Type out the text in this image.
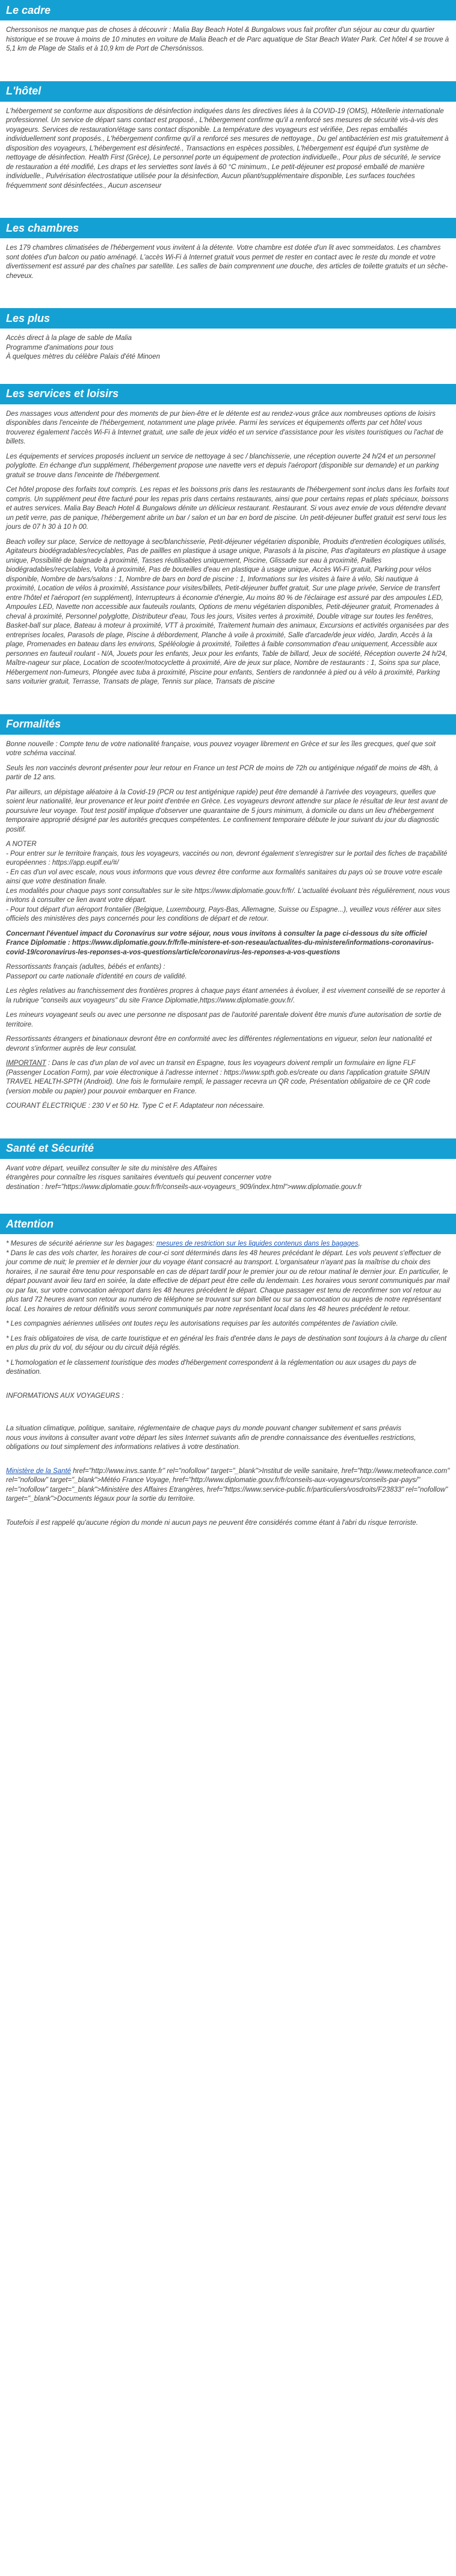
Le cadre

Cherssonisos ne manque pas de choses à découvrir : Malia Bay Beach Hotel & Bungalows vous fait profiter d'un séjour au cœur du quartier historique et se trouve à moins de 10 minutes en voiture de Malia Beach et de Parc aquatique de Star Beach Water Park. Cet hôtel 4 se trouve à 5,1 km de Plage de Stalis et à 10,9 km de Port de Chersónissos.

L'hôtel

L'hébergement se conforme aux dispositions de désinfection indiquées dans les directives liées à la COVID-19 (OMS), Hôtellerie internationale professionnel. Un service de départ sans contact est proposé., L'hébergement confirme qu'il a renforcé ses mesures de sécurité vis-à-vis des voyageurs. Services de restauration/étage sans contact disponible. La température des voyageurs est vérifiée, Des repas emballés individuellement sont proposés., L'hébergement confirme qu'il a renforcé ses mesures de nettoyage., Du gel antibactérien est mis gratuitement à disposition des voyageurs, L'hébergement est désinfecté., Transactions en espèces possibles, L'hébergement est équipé d'un système de nettoyage de désinfection. Health First (Grèce), Le personnel porte un équipement de protection individuelle., Pour plus de sécurité, le service de restauration a été modifié, Les draps et les serviettes sont lavés à 60 °C minimum., Le petit-déjeuner est proposé emballé de manière individuelle., Pulvérisation électrostatique utilisée pour la désinfection, Aucun pliant/supplémentaire disponible, Les surfaces touchées fréquemment sont désinfectées., Aucun ascenseur

Les chambres

Les 179 chambres climatisées de l'hébergement vous invitent à la détente. Votre chambre est dotée d'un lit avec sommeidatos. Les chambres sont dotées d'un balcon ou patio aménagé. L'accès Wi-Fi à Internet gratuit vous permet de rester en contact avec le reste du monde et votre divertissement est assuré par des chaînes par satellite. Les salles de bain comprennent une douche, des articles de toilette gratuits et un sèche-cheveux.

Les plus
Accès direct à la plage de sable de Malia
Programme d'animations pour tous
À quelques mètres du célèbre Palais d'été Minoen
Les services et loisirs

Des massages vous attendent pour des moments de pur bien-être et le détente est au rendez-vous grâce aux nombreuses options de loisirs disponibles dans l'enceinte de l'hébergement, notamment une plage privée. Parmi les services et équipements offerts par cet hôtel vous trouverez également l'accès Wi-Fi à Internet gratuit, une salle de jeux vidéo et un service d'assistance pour les visites touristiques ou l'achat de billets.

Les équipements et services proposés incluent un service de nettoyage à sec / blanchisserie, une réception ouverte 24 h/24 et un personnel polyglotte. En échange d'un supplément, l'hébergement propose une navette vers et depuis l'aéroport (disponible sur demande) et un parking gratuit se trouve dans l'enceinte de l'hébergement.

Cet hôtel propose des forfaits tout compris. Les repas et les boissons pris dans les restaurants de l'hébergement sont inclus dans les forfaits tout compris. Un supplément peut être facturé pour les repas pris dans certains restaurants, ainsi que pour certains repas et plats spéciaux, boissons et autres services. Malia Bay Beach Hotel & Bungalows dénite un délicieux restaurant. Restaurant. Si vous avez envie de vous détendre devant un petit verre, pas de panique, l'hébergement abrite un bar / salon et un bar en bord de piscine. Un petit-déjeuner buffet gratuit est servi tous les jours de 07 h 30 à 10 h 00.

Beach volley sur place, Service de nettoyage à sec/blanchisserie, Petit-déjeuner végétarien disponible, Produits d'entretien écologiques utilisés, Agitateurs biodégradables/recyclables, Pas de paillles en plastique à usage unique, Parasols à la piscine, Pas d'agitateurs en plastique à usage unique, Possibilité de baignade à proximité, Tasses réutilisables uniquement, Piscine, Glissade sur eau à proximité, Pailles biodégradables/recyclables, Volta à proximité, Pas de bouteilles d'eau en plastique à usage unique, Accès Wi-Fi gratuit, Parking pour vélos disponible, Nombre de bars/salons : 1, Nombre de bars en bord de piscine : 1, Informations sur les visites à faire à vélo, Ski nautique à proximité, Location de vélos à proximité, Assistance pour visites/billets, Petit-déjeuner buffet gratuit, Sur une plage privée, Service de transfert entre l'hôtel et l'aéroport (en supplément), Interrupteurs à économie d'énergie, Au moins 80 % de l'éclairage est assuré par des ampoules LED, Ampoules LED, Navette non accessible aux fauteuils roulants, Options de menu végétarien disponibles, Petit-déjeuner gratuit, Promenades à cheval à proximité, Personnel polyglotte, Distributeur d'eau, Tous les jours, Visites vertes à proximité, Double vitrage sur toutes les fenêtres, Basket-ball sur place, Bateau à moteur à proximité, VTT à proximité, Traitement humain des animaux, Excursions et activités organisées par des entreprises locales, Parasols de plage, Piscine à débordement, Planche à voile à proximité, Salle d'arcade/de jeux vidéo, Jardin, Accès à la plage, Promenades en bateau dans les environs, Spéléologie à proximité, Toilettes à faible consommation d'eau uniquement, Accessible aux personnes en fauteuil roulant - N/A, Jouets pour les enfants, Jeux pour les enfants, Table de billard, Jeux de société, Réception ouverte 24 h/24, Maître-nageur sur place, Location de scooter/motocyclette à proximité, Aire de jeux sur place, Nombre de restaurants : 1, Soins spa sur place, Hébergement non-fumeurs, Plongée avec tuba à proximité, Piscine pour enfants, Sentiers de randonnée à pied ou à vélo à proximité, Parking sans voiturier gratuit, Terrasse, Transats de plage, Tennis sur place, Transats de piscine

Formalités

Bonne nouvelle : Compte tenu de votre nationalité française, vous pouvez voyager librement en Grèce et sur les îles grecques, quel que soit votre schéma vaccinal.

Seuls les non vaccinés devront présenter pour leur retour en France un test PCR de moins de 72h ou antigénique négatif de moins de 48h, à partir de 12 ans.

Par ailleurs, un dépistage aléatoire à la Covid-19 (PCR ou test antigénique rapide) peut être demandé à l'arrivée des voyageurs, quelles que soient leur nationalité, leur provenance et leur point d'entrée en Grèce. Les voyageurs devront attendre sur place le résultat de leur test avant de poursuivre leur voyage. Tout test positif implique d'observer une quarantaine de 5 jours minimum, à domicile ou dans un lieu d'hébergement temporaire approprié désigné par les autorités grecques compétentes. Le confinement temporaire débute le jour suivant du jour du diagnostic positif.

A NOTER
- Pour entrer sur le territoire français, tous les voyageurs, vaccinés ou non, devront également s'enregistrer sur le portail des fiches de traçabilité européennes : https://app.euplf.eu/#/
- En cas d'un vol avec escale, nous vous informons que vous devrez être conforme aux formalités sanitaires du pays où se trouve votre escale ainsi que votre destination finale.
Les modalités pour chaque pays sont consultables sur le site https://www.diplomatie.gouv.fr/fr/. L'actualité évoluant très régulièrement, nous vous invitons à consulter ce lien avant votre départ.

- Pour tout départ d'un aéroport frontalier (Belgique, Luxembourg, Pays-Bas, Allemagne, Suisse ou Espagne...), veuillez vous référer aux sites officiels des ministères des pays concernés pour les conditions de départ et de retour.

Concernant l'éventuel impact du Coronavirus sur votre séjour, nous vous invitons à consulter la page ci-dessous du site officiel France Diplomatie : https://www.diplomatie.gouv.fr/fr/le-ministere-et-son-reseau/actualites-du-ministere/informations-coronavirus-covid-19/coronavirus-les-reponses-a-vos-questions/article/coronavirus-les-reponses-a-vos-questions

Ressortissants français (adultes, bébés et enfants) :

Passeport ou carte nationale d'identité en cours de validité.

Les règles relatives au franchissement des frontières propres à chaque pays étant amenées à évoluer, il est vivement conseillé de se reporter à la rubrique "conseils aux voyageurs" du site France Diplomatie,https://www.diplomatie.gouv.fr/.

Les mineurs voyageant seuls ou avec une personne ne disposant pas de l'autorité parentale doivent être munis d'une autorisation de sortie de territoire.

Ressortissants étrangers et binationaux devront être en conformité avec les différentes réglementations en vigueur, selon leur nationalité et devront s'informer auprès de leur consulat.

IMPORTANT : Dans le cas d'un plan de vol avec un transit en Espagne, tous les voyageurs doivent remplir un formulaire en ligne FLF (Passenger Location Form), par voie électronique à l'adresse internet : https://www.spth.gob.es/create ou dans l'application gratuite SPAIN TRAVEL HEALTH-SPTH (Android). Une fois le formulaire rempli, le passager recevra un QR code, Présentation obligatoire de ce QR code (version mobile ou papier) pour pouvoir embarquer en France.

COURANT ÉLECTRIQUE : 230 V et 50 Hz. Type C et F. Adaptateur non nécessaire.

Santé et Sécurité
Avant votre départ, veuillez consulter le site du ministère des Affaires
étrangères pour connaître les risques sanitaires éventuels qui peuvent concerner votre
destination : href="https://www.diplomatie.gouv.fr/fr/conseils-aux-voyageurs_909/index.html">www.diplomatie.gouv.fr
Attention
* Mesures de sécurité aérienne sur les bagages: mesures de restriction sur les liquides contenus dans les bagages.

* Dans le cas des vols charter, les horaires de cour-ci sont déterminés dans les 48 heures précédant le départ. Les vols peuvent s'effectuer de jour comme de nuit; le premier et le dernier jour du voyage étant consacré au transport. L'organisateur n'ayant pas la maîtrise du choix des horaires, il ne saurait être tenu pour responsable en cas de départ tardif pour le premier jour ou de retour matinal le dernier jour. En particulier, le départ pouvant avoir lieu tard en soirée, la date effective de départ peut être celle du lendemain. Les horaires vous seront communiqués par mail ou par fax, sur votre convocation aéroport dans les 48 heures précédent le départ. Chaque passager est tenu de reconfirmer son vol retour au plus tard 72 heures avant son retour au numéro de téléphone se trouvant sur son billet ou sur sa convocation ou auprès de notre représentant local. Les horaires de retour définitifs vous seront communiqués par notre représentant local dans les 48 heures précédent le retour.

* Les compagnies aériennes utilisées ont toutes reçu les autorisations requises par les autorités compétentes de l'aviation civile.

* Les frais obligatoires de visa, de carte touristique et en général les frais d'entrée dans le pays de destination sont toujours à la charge du client en plus du prix du vol, du séjour ou du circuit déjà réglés.

* L'homologation et le classement touristique des modes d'hébergement correspondent à la réglementation ou aux usages du pays de destination.

INFORMATIONS AUX VOYAGEURS :

La situation climatique, politique, sanitaire, réglementaire de chaque pays du monde pouvant changer subitement et sans préavis

nous vous invitons à consulter avant votre départ les sites Internet suivants afin de prendre connaissance des éventuelles restrictions, obligations ou tout simplement des informations relatives à votre destination.

Ministère de la Santé href="http://www.invs.sante.fr" rel="nofollow" target="_blank">Institut de veille sanitaire, href="http://www.meteofrance.com" rel="nofollow" target="_blank">Météo France Voyage, href="http://www.diplomatie.gouv.fr/fr/conseils-aux-voyageurs/conseils-par-pays/" rel="nofollow" target="_blank">Ministère des Affaires Etrangères, href="https://www.service-public.fr/particuliers/vosdroits/F23833" rel="nofollow" target="_blank">Documents légaux pour la sortie du territoire.

Toutefois il est rappelé qu'aucune région du monde ni aucun pays ne peuvent être considérés comme étant à l'abri du risque terroriste.
